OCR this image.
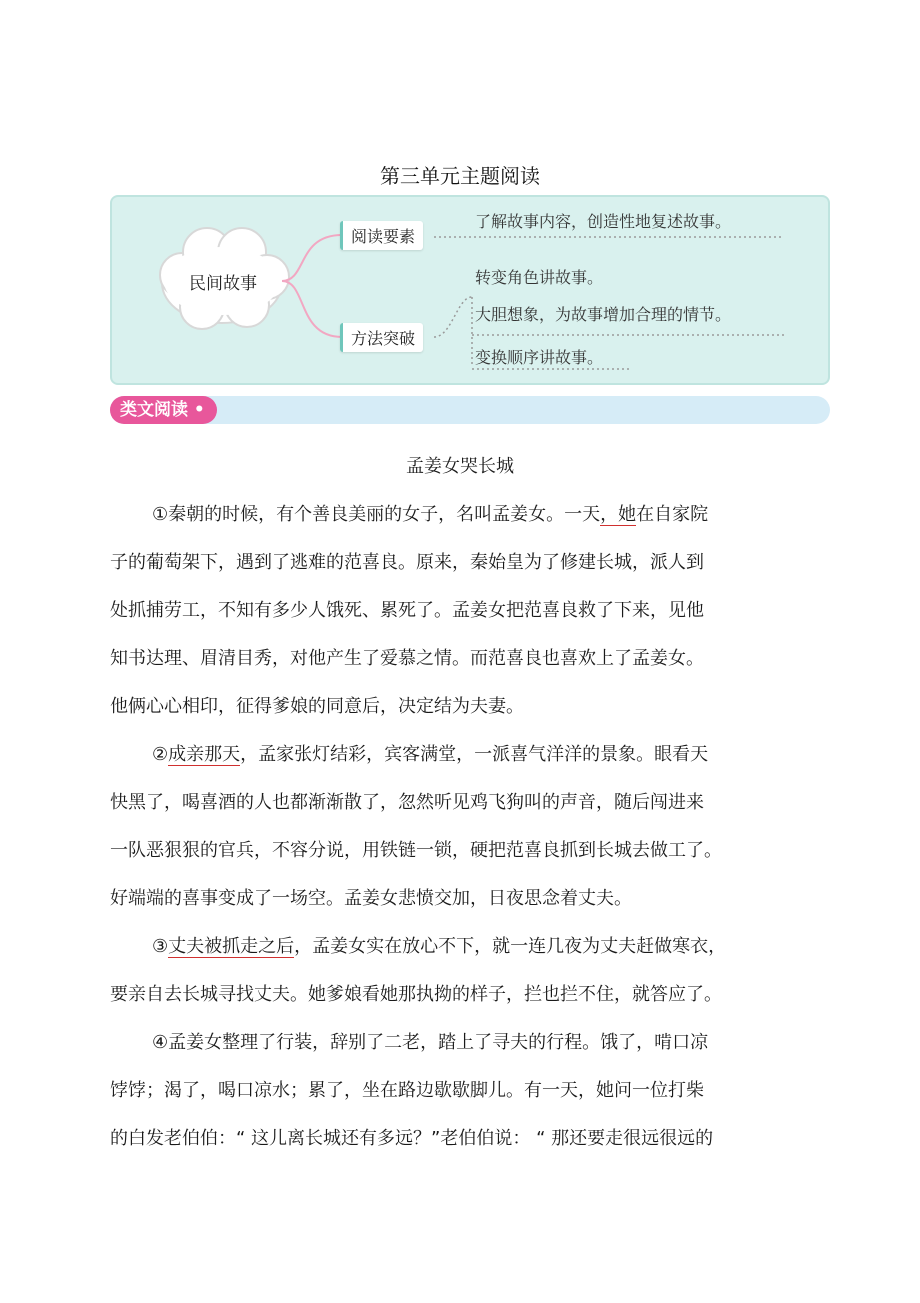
第三单元主题阅读
民间故事
阅读要素
方法突破
了解故事内容，创造性地复述故事。
转变角色讲故事。
大胆想象，为故事增加合理的情节。
变换顺序讲故事。
类文阅读 •
孟姜女哭长城
①秦朝的时候，有个善良美丽的女子，名叫孟姜女。一天，她在自家院
子的葡萄架下，遇到了逃难的范喜良。原来，秦始皇为了修建长城，派人到
处抓捕劳工，不知有多少人饿死、累死了。孟姜女把范喜良救了下来，见他
知书达理、眉清目秀，对他产生了爱慕之情。而范喜良也喜欢上了孟姜女。
他俩心心相印，征得爹娘的同意后，决定结为夫妻。
②成亲那天，孟家张灯结彩，宾客满堂，一派喜气洋洋的景象。眼看天
快黑了，喝喜酒的人也都渐渐散了，忽然听见鸡飞狗叫的声音，随后闯进来
一队恶狠狠的官兵，不容分说，用铁链一锁，硬把范喜良抓到长城去做工了。
好端端的喜事变成了一场空。孟姜女悲愤交加，日夜思念着丈夫。
③丈夫被抓走之后，孟姜女实在放心不下，就一连几夜为丈夫赶做寒衣，
要亲自去长城寻找丈夫。她爹娘看她那执拗的样子，拦也拦不住，就答应了。
④孟姜女整理了行装，辞别了二老，踏上了寻夫的行程。饿了，啃口凉
饽饽；渴了，喝口凉水；累了，坐在路边歇歇脚儿。有一天，她问一位打柴
的白发老伯伯：“ 这儿离长城还有多远？”老伯伯说： “ 那还要走很远很远的
